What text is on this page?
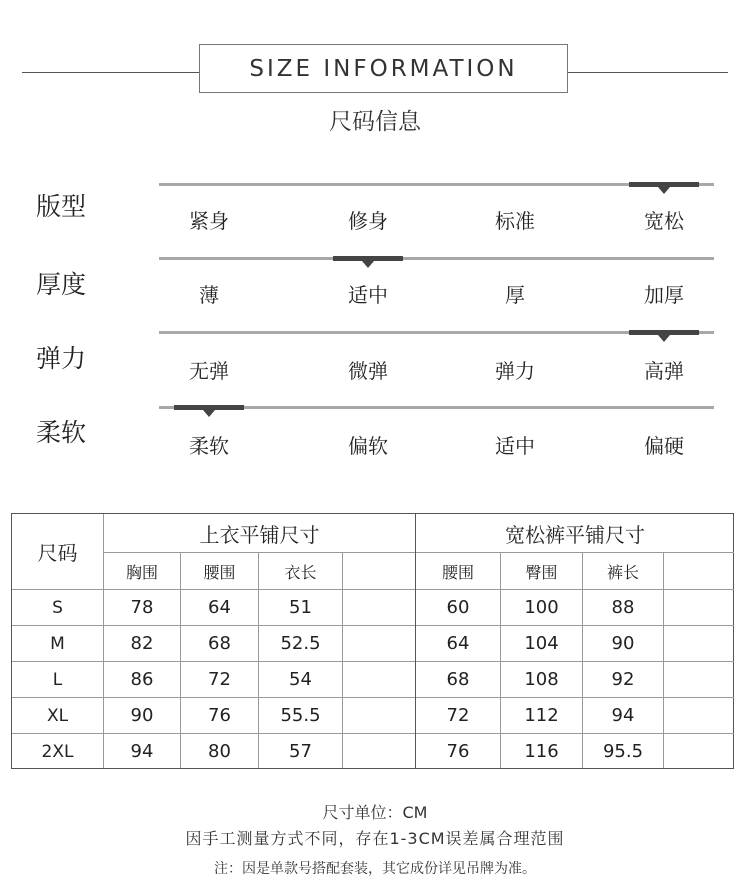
SIZE INFORMATION
尺码信息
版型	紧身	修身	标准	宽松
厚度	薄	适中	厚	加厚
弹力	无弹	微弹	弹力	高弹
柔软	柔软	偏软	适中	偏硬
尺码
上衣平铺尺寸	宽松裤平铺尺寸
胸围	腰围	衣长	腰围	臀围	裤长
S	78	64	51	60	100	88
M	82	68	52.5	64	104	90
L	86	72	54	68	108	92
XL	90	76	55.5	72	112	94
2XL	94	80	57	76	116	95.5
尺寸单位：CM
因手工测量方式不同，存在1-3CM误差属合理范围
注：因是单款号搭配套装，其它成份详见吊牌为准。
